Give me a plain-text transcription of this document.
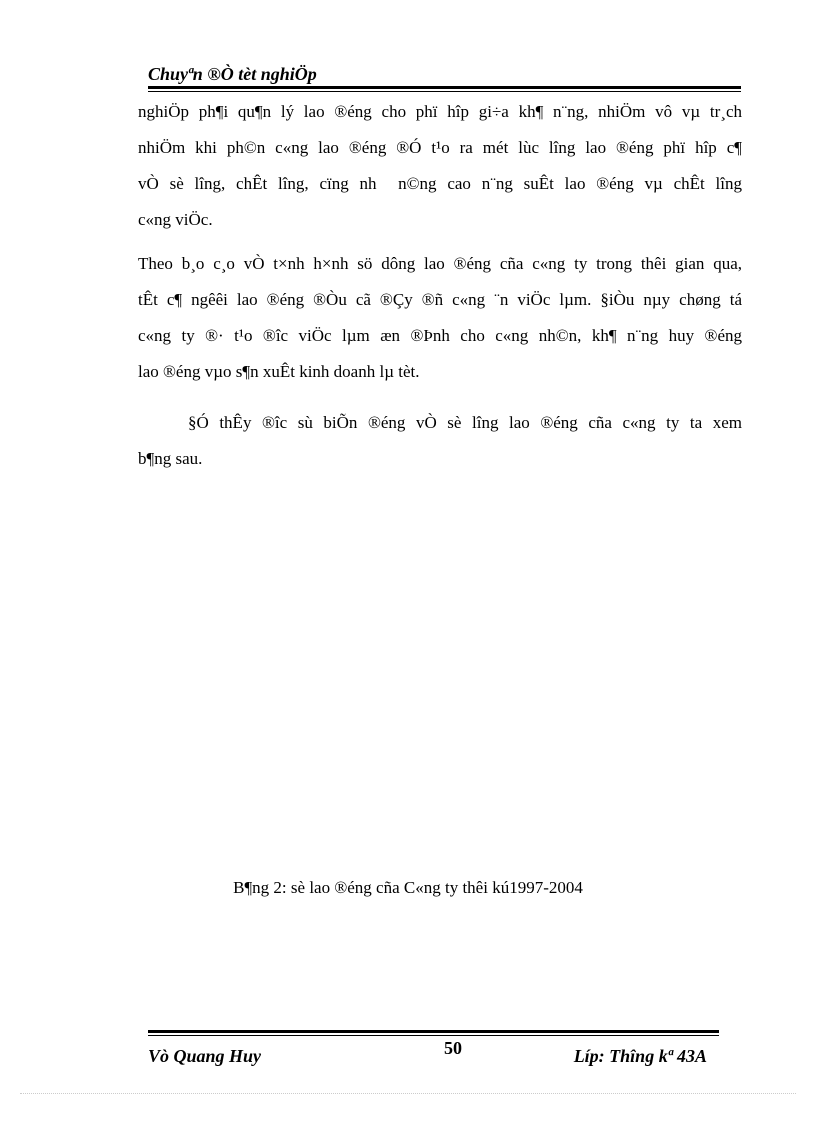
Chuyªn ®Ò tèt nghiÖp
nghiÖp ph¶i qu¶n lý lao ®éng cho phï hîp gi÷a kh¶ n¨ng, nhiÖm vô vµ tr¸ch
nhiÖm khi ph©n c«ng lao ®éng ®Ó t¹o ra mét lùc lîng lao ®éng phï hîp c¶
vÒ sè lîng, chÊt lîng, cïng nh  n©ng cao n¨ng suÊt lao ®éng vµ chÊt lîng
c«ng viÖc.
Theo b¸o c¸o vÒ t×nh h×nh sö dông lao ®éng cña c«ng ty trong thêi gian qua,
tÊt c¶ ngêêi lao ®éng ®Òu cã ®Çy ®ñ c«ng ¨n viÖc lµm. §iÒu nµy chøng tá
c«ng ty ®· t¹o ®îc viÖc lµm æn ®Þnh cho c«ng nh©n, kh¶ n¨ng huy ®éng
lao ®éng vµo s¶n xuÊt kinh doanh lµ tèt.
§Ó thÊy ®îc sù biÕn ®éng vÒ sè lîng lao ®éng cña c«ng ty ta xem
b¶ng sau.
B¶ng 2: sè lao ®éng cña C«ng ty thêi kú1997-2004
Vò Quang Huy	50	Líp: Thîng kª 43A
